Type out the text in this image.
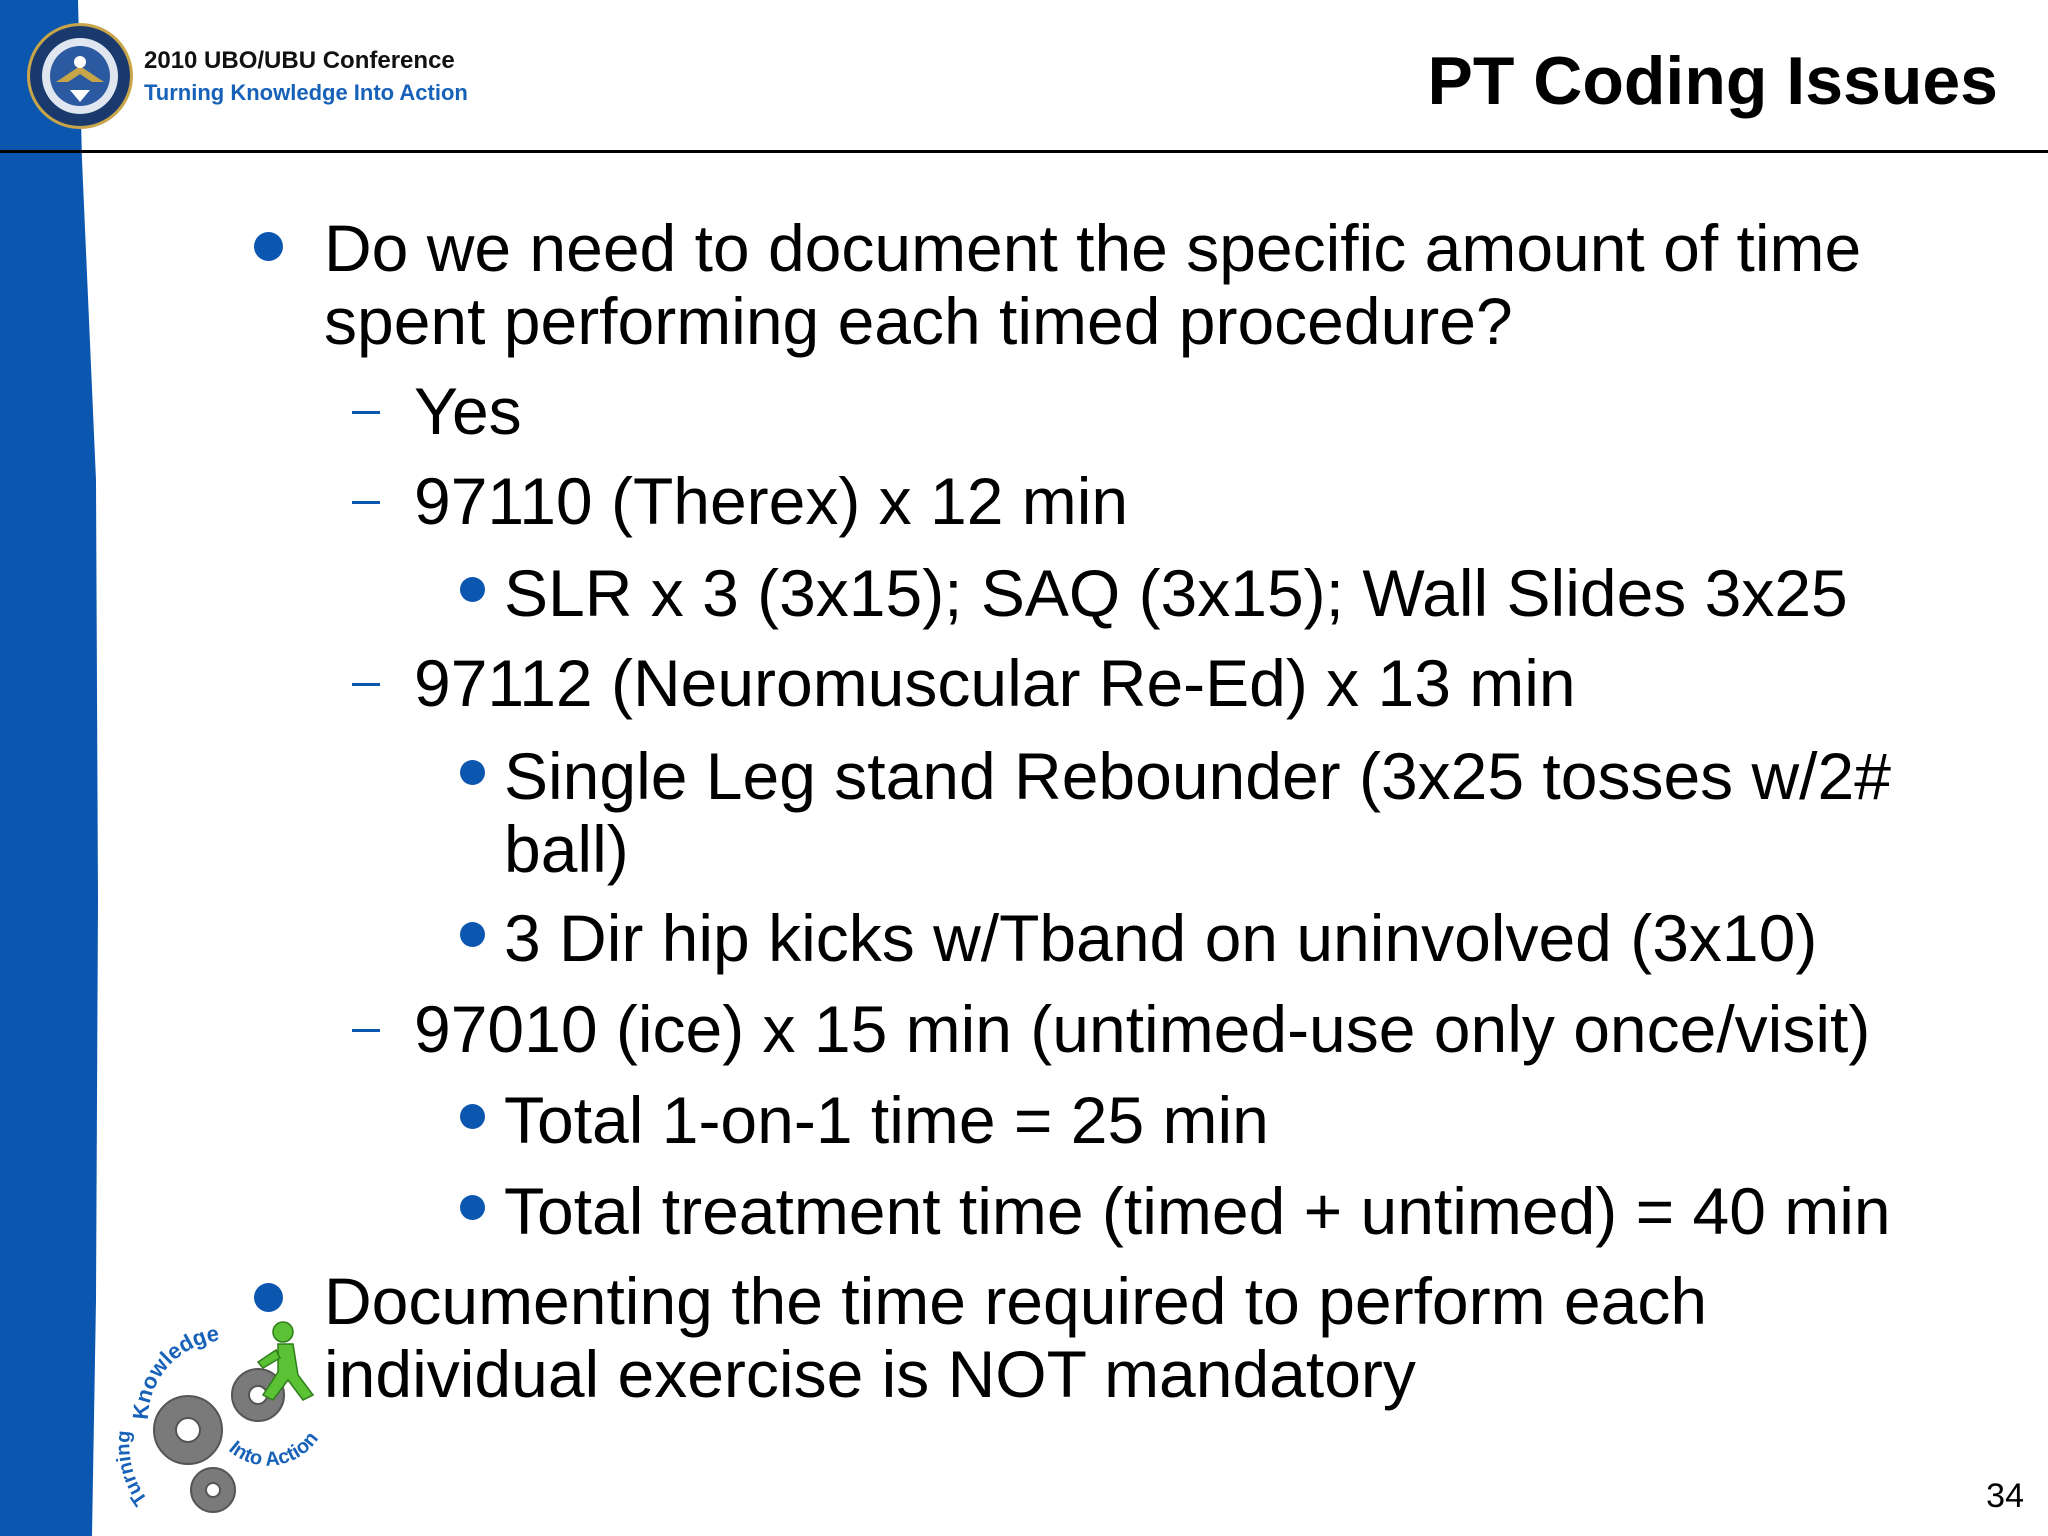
2010 UBO/UBU Conference
Turning Knowledge Into Action	PT Coding Issues
Do we need to document the specific amount of time
spent performing each timed procedure?
Yes
97110 (Therex) x 12 min
SLR x 3 (3x15); SAQ (3x15); Wall Slides 3x25
97112 (Neuromuscular Re-Ed) x 13 min
Single Leg stand Rebounder (3x25 tosses w/2#
ball)
3 Dir hip kicks w/Tband on uninvolved (3x10)
97010 (ice) x 15 min (untimed-use only once/visit)
Total 1-on-1 time = 25 min
Total treatment time (timed + untimed) = 40 min
Documenting the time required to perform each
individual exercise is NOT mandatory
Knowledge
Turning
Into Action
34
